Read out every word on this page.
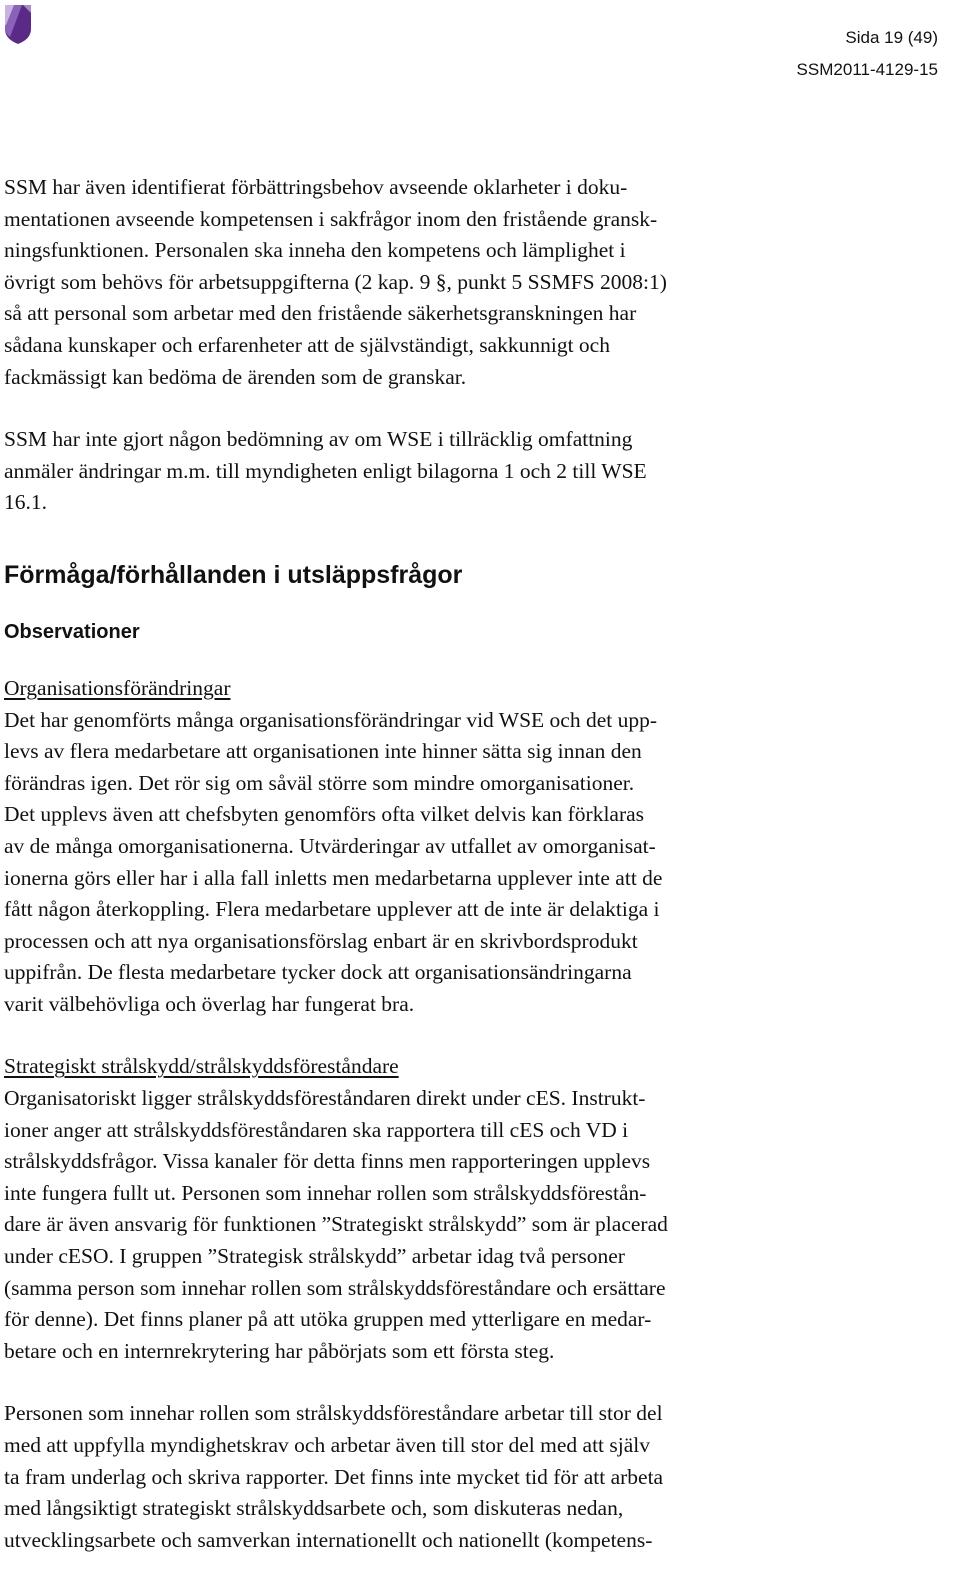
Sida 19 (49)
SSM2011-4129-15

SSM har även identifierat förbättringsbehov avseende oklarheter i doku-
mentationen avseende kompetensen i sakfrågor inom den fristående gransk-
ningsfunktionen. Personalen ska inneha den kompetens och lämplighet i
övrigt som behövs för arbetsuppgifterna (2 kap. 9 §, punkt 5 SSMFS 2008:1)
så att personal som arbetar med den fristående säkerhetsgranskningen har
sådana kunskaper och erfarenheter att de självständigt, sakkunnigt och
fackmässigt kan bedöma de ärenden som de granskar.

SSM har inte gjort någon bedömning av om WSE i tillräcklig omfattning
anmäler ändringar m.m. till myndigheten enligt bilagorna 1 och 2 till WSE
16.1.

Förmåga/förhållanden i utsläppsfrågor
Observationer
Organisationsförändringar

Det har genomförts många organisationsförändringar vid WSE och det upp-
levs av flera medarbetare att organisationen inte hinner sätta sig innan den
förändras igen. Det rör sig om såväl större som mindre omorganisationer.
Det upplevs även att chefsbyten genomförs ofta vilket delvis kan förklaras
av de många omorganisationerna. Utvärderingar av utfallet av omorganisat-
ionerna görs eller har i alla fall inletts men medarbetarna upplever inte att de
fått någon återkoppling. Flera medarbetare upplever att de inte är delaktiga i
processen och att nya organisationsförslag enbart är en skrivbordsprodukt
uppifrån. De flesta medarbetare tycker dock att organisationsändringarna
varit välbehövliga och överlag har fungerat bra.

Strategiskt strålskydd/strålskyddsföreståndare

Organisatoriskt ligger strålskyddsföreståndaren direkt under cES. Instrukt-
ioner anger att strålskyddsföreståndaren ska rapportera till cES och VD i
strålskyddsfrågor. Vissa kanaler för detta finns men rapporteringen upplevs
inte fungera fullt ut. Personen som innehar rollen som strålskyddsförestån-
dare är även ansvarig för funktionen ”Strategiskt strålskydd” som är placerad
under cESO. I gruppen ”Strategisk strålskydd” arbetar idag två personer
(samma person som innehar rollen som strålskyddsföreståndare och ersättare
för denne). Det finns planer på att utöka gruppen med ytterligare en medar-
betare och en internrekrytering har påbörjats som ett första steg.

Personen som innehar rollen som strålskyddsföreståndare arbetar till stor del
med att uppfylla myndighetskrav och arbetar även till stor del med att själv
ta fram underlag och skriva rapporter. Det finns inte mycket tid för att arbeta
med långsiktigt strategiskt strålskyddsarbete och, som diskuteras nedan,
utvecklingsarbete och samverkan internationellt och nationellt (kompetens-
